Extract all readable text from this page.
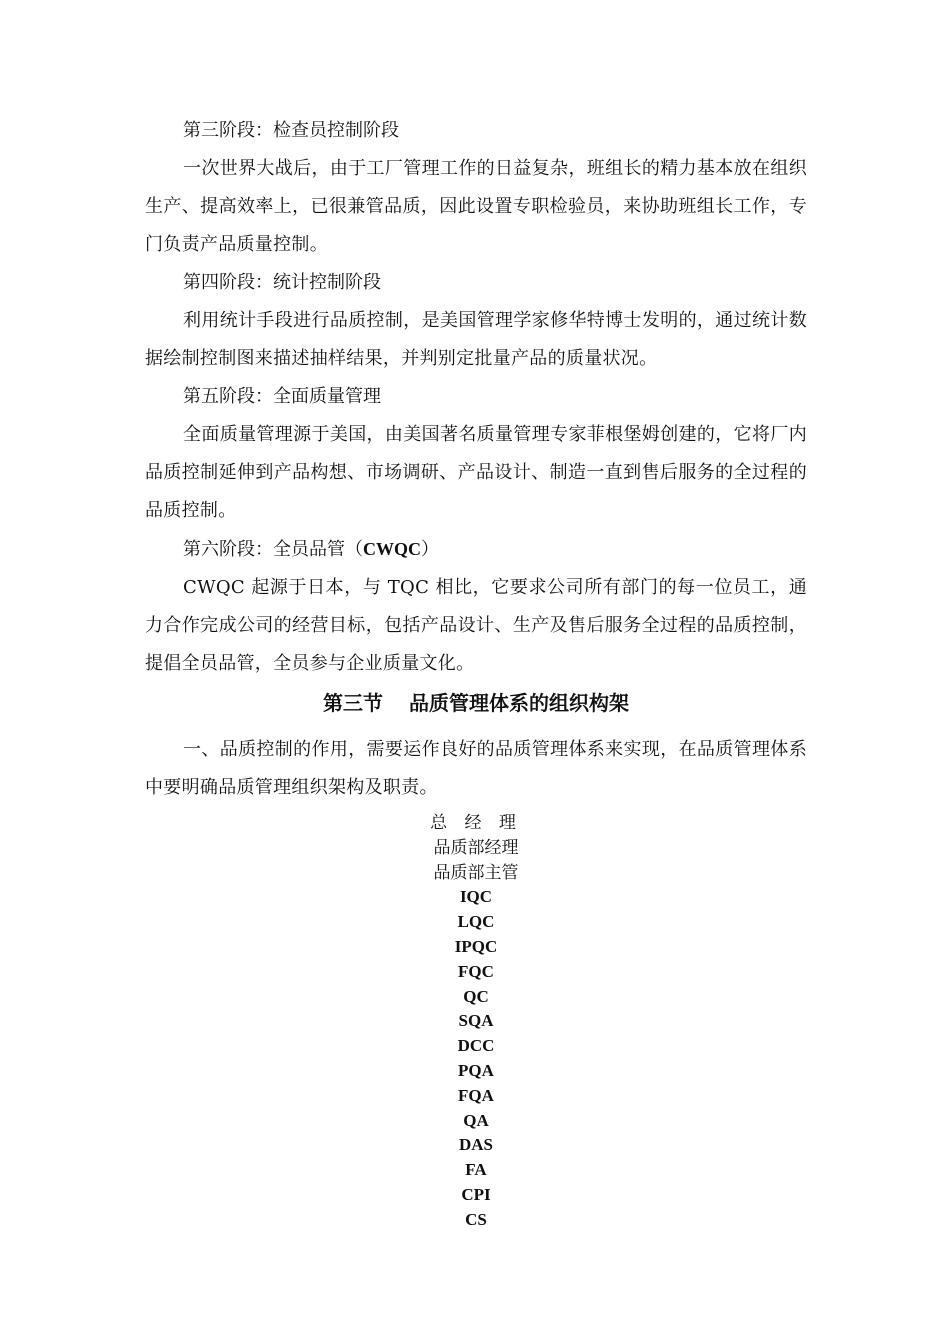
第三阶段：检查员控制阶段

一次世界大战后，由于工厂管理工作的日益复杂，班组长的精力基本放在组织生产、提高效率上，已很兼管品质，因此设置专职检验员，来协助班组长工作，专门负责产品质量控制。

第四阶段：统计控制阶段

利用统计手段进行品质控制，是美国管理学家修华特博士发明的，通过统计数据绘制控制图来描述抽样结果，并判别定批量产品的质量状况。

第五阶段：全面质量管理

全面质量管理源于美国，由美国著名质量管理专家菲根堡姆创建的，它将厂内品质控制延伸到产品构想、市场调研、产品设计、制造一直到售后服务的全过程的品质控制。

第六阶段：全员品管（CWQC）

CWQC 起源于日本，与 TQC 相比，它要求公司所有部门的每一位员工，通力合作完成公司的经营目标，包括产品设计、生产及售后服务全过程的品质控制，提倡全员品管，全员参与企业质量文化。

第三节 品质管理体系的组织构架

一、品质控制的作用，需要运作良好的品质管理体系来实现，在品质管理体系中要明确品质管理组织架构及职责。

总 经 理
品质部经理
品质部主管
IQC
LQC
IPQC
FQC
QC
SQA
DCC
PQA
FQA
QA
DAS
FA
CPI
CS
